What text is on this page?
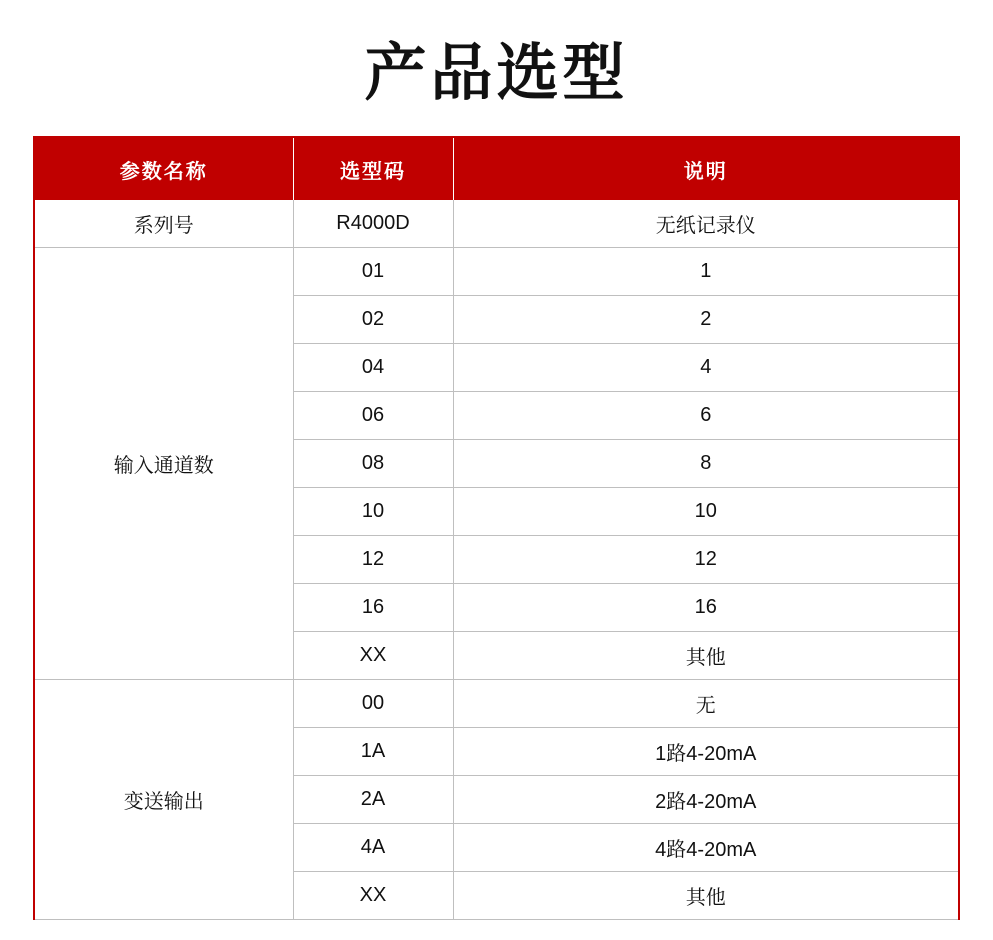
产品选型
参数名称	选型码	说明
系列号	R4000D	无纸记录仪
输入通道数	01	1
	02	2
	04	4
	06	6
	08	8
	10	10
	12	12
	16	16
	XX	其他
变送输出	00	无
	1A	1路4-20mA
	2A	2路4-20mA
	4A	4路4-20mA
	XX	其他
